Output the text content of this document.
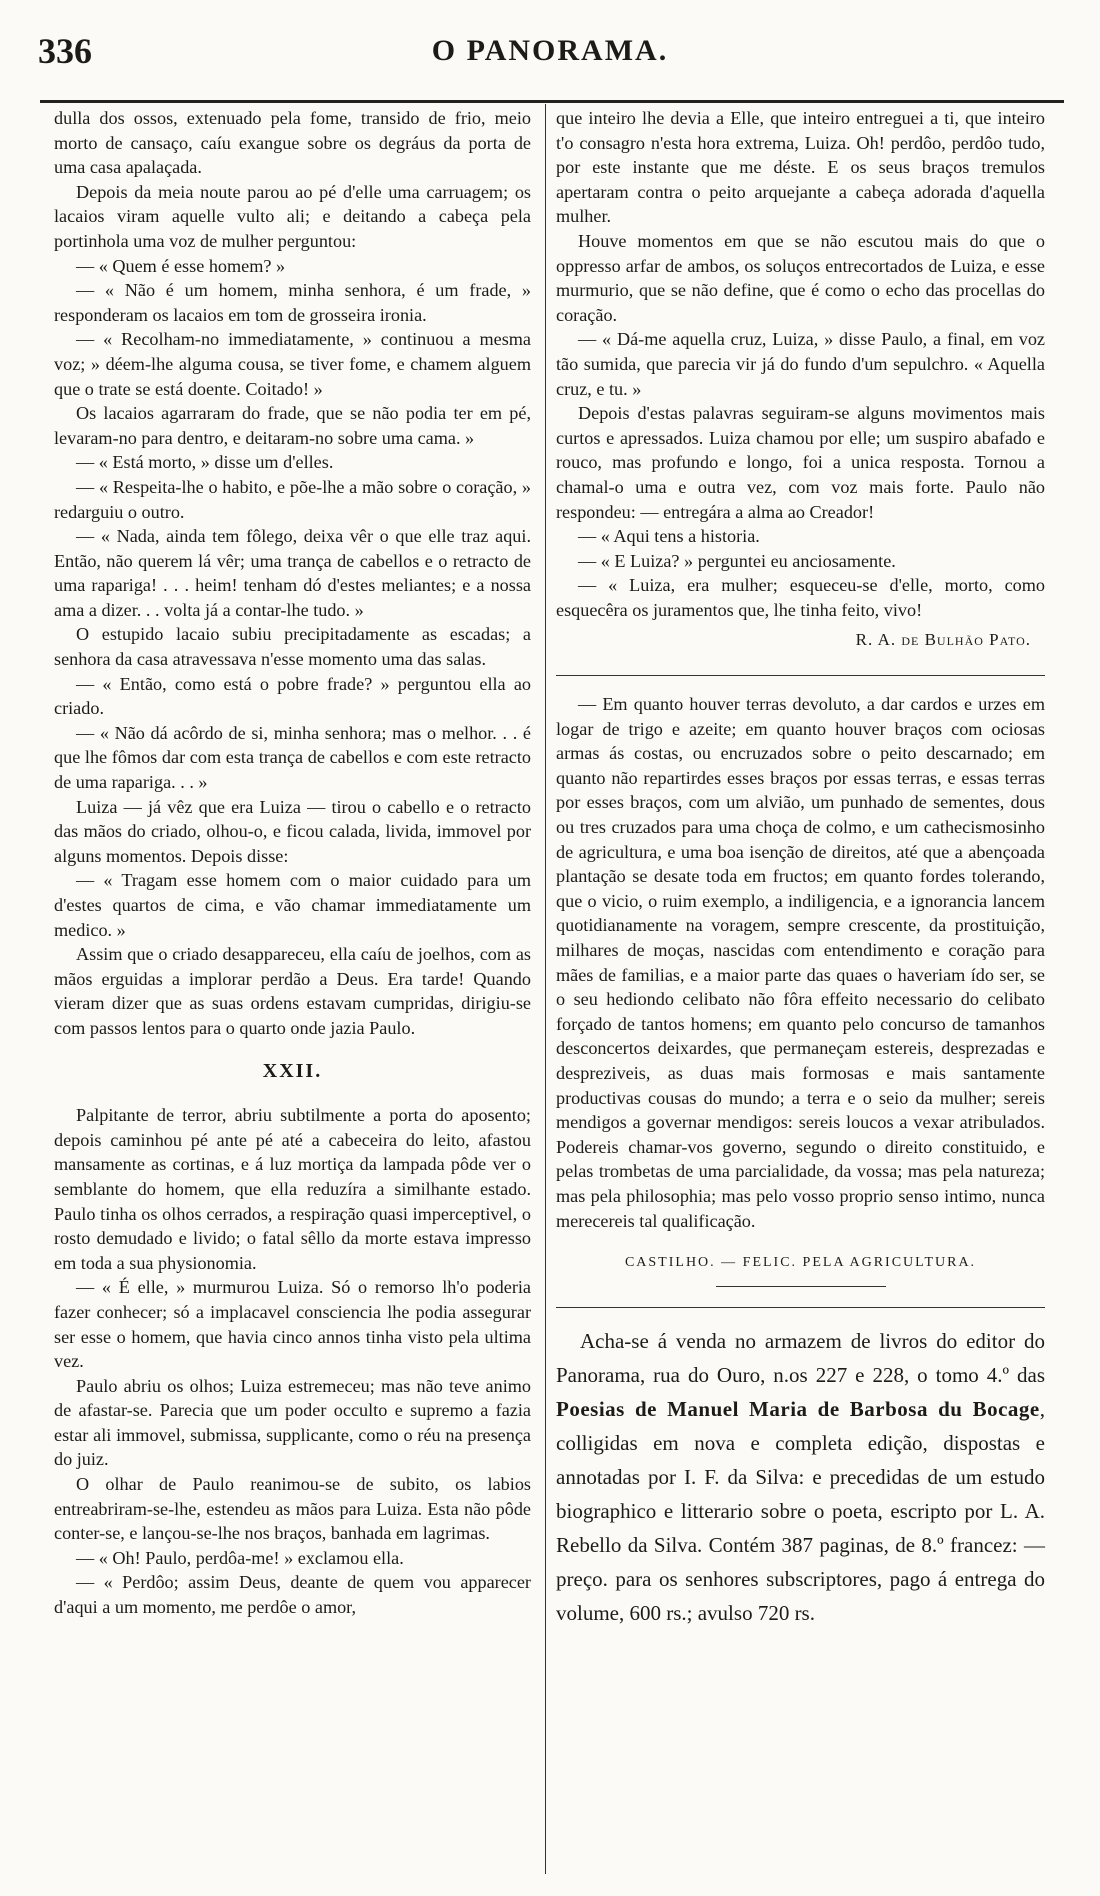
336	O PANORAMA.

dulla dos ossos, extenuado pela fome, transido de frio, meio morto de cansaço, caíu exangue sobre os degráus da porta de uma casa apalaçada.

Depois da meia noute parou ao pé d'elle uma carruagem; os lacaios viram aquelle vulto ali; e deitando a cabeça pela portinhola uma voz de mulher perguntou:

— « Quem é esse homem? »

— « Não é um homem, minha senhora, é um frade, » responderam os lacaios em tom de grosseira ironia.

— « Recolham-no immediatamente, » continuou a mesma voz; » déem-lhe alguma cousa, se tiver fome, e chamem alguem que o trate se está doente. Coitado! »

Os lacaios agarraram do frade, que se não podia ter em pé, levaram-no para dentro, e deitaram-no sobre uma cama. »

— « Está morto, » disse um d'elles.

— « Respeita-lhe o habito, e põe-lhe a mão sobre o coração, » redarguiu o outro.

— « Nada, ainda tem fôlego, deixa vêr o que elle traz aqui. Então, não querem lá vêr; uma trança de cabellos e o retracto de uma rapariga! . . . heim! tenham dó d'estes meliantes; e a nossa ama a dizer. . . volta já a contar-lhe tudo. »

O estupido lacaio subiu precipitadamente as escadas; a senhora da casa atravessava n'esse momento uma das salas.

— « Então, como está o pobre frade? » perguntou ella ao criado.

— « Não dá acôrdo de si, minha senhora; mas o melhor. . . é que lhe fômos dar com esta trança de cabellos e com este retracto de uma rapariga. . . »

Luiza — já vêz que era Luiza — tirou o cabello e o retracto das mãos do criado, olhou-o, e ficou calada, livida, immovel por alguns momentos. Depois disse:

— « Tragam esse homem com o maior cuidado para um d'estes quartos de cima, e vão chamar immediatamente um medico. »

Assim que o criado desappareceu, ella caíu de joelhos, com as mãos erguidas a implorar perdão a Deus. Era tarde! Quando vieram dizer que as suas ordens estavam cumpridas, dirigiu-se com passos lentos para o quarto onde jazia Paulo.

XXII.

Palpitante de terror, abriu subtilmente a porta do aposento; depois caminhou pé ante pé até a cabeceira do leito, afastou mansamente as cortinas, e á luz mortiça da lampada pôde ver o semblante do homem, que ella reduzíra a similhante estado. Paulo tinha os olhos cerrados, a respiração quasi imperceptivel, o rosto demudado e livido; o fatal sêllo da morte estava impresso em toda a sua physionomia.

— « É elle, » murmurou Luiza. Só o remorso lh'o poderia fazer conhecer; só a implacavel consciencia lhe podia assegurar ser esse o homem, que havia cinco annos tinha visto pela ultima vez.

Paulo abriu os olhos; Luiza estremeceu; mas não teve animo de afastar-se. Parecia que um poder occulto e supremo a fazia estar ali immovel, submissa, supplicante, como o réu na presença do juiz.

O olhar de Paulo reanimou-se de subito, os labios entreabriram-se-lhe, estendeu as mãos para Luiza. Esta não pôde conter-se, e lançou-se-lhe nos braços, banhada em lagrimas.

— « Oh! Paulo, perdôa-me! » exclamou ella.

— « Perdôo; assim Deus, deante de quem vou apparecer d'aqui a um momento, me perdôe o amor,

que inteiro lhe devia a Elle, que inteiro entreguei a ti, que inteiro t'o consagro n'esta hora extrema, Luiza. Oh! perdôo, perdôo tudo, por este instante que me déste. E os seus braços tremulos apertaram contra o peito arquejante a cabeça adorada d'aquella mulher.

Houve momentos em que se não escutou mais do que o oppresso arfar de ambos, os soluços entrecortados de Luiza, e esse murmurio, que se não define, que é como o echo das procellas do coração.

— « Dá-me aquella cruz, Luiza, » disse Paulo, a final, em voz tão sumida, que parecia vir já do fundo d'um sepulchro. « Aquella cruz, e tu. »

Depois d'estas palavras seguiram-se alguns movimentos mais curtos e apressados. Luiza chamou por elle; um suspiro abafado e rouco, mas profundo e longo, foi a unica resposta. Tornou a chamal-o uma e outra vez, com voz mais forte. Paulo não respondeu: — entregára a alma ao Creador!

— « Aqui tens a historia.

— « E Luiza? » perguntei eu anciosamente.

— « Luiza, era mulher; esqueceu-se d'elle, morto, como esquecêra os juramentos que, lhe tinha feito, vivo!

R. A. de Bulhão Pato.

— Em quanto houver terras devoluto, a dar cardos e urzes em logar de trigo e azeite; em quanto houver braços com ociosas armas ás costas, ou encruzados sobre o peito descarnado; em quanto não repartirdes esses braços por essas terras, e essas terras por esses braços, com um alvião, um punhado de sementes, dous ou tres cruzados para uma choça de colmo, e um cathecismosinho de agricultura, e uma boa isenção de direitos, até que a abençoada plantação se desate toda em fructos; em quanto fordes tolerando, que o vicio, o ruim exemplo, a indiligencia, e a ignorancia lancem quotidianamente na voragem, sempre crescente, da prostituição, milhares de moças, nascidas com entendimento e coração para mães de familias, e a maior parte das quaes o haveriam ído ser, se o seu hediondo celibato não fôra effeito necessario do celibato forçado de tantos homens; em quanto pelo concurso de tamanhos desconcertos deixardes, que permaneçam estereis, desprezadas e despreziveis, as duas mais formosas e mais santamente productivas cousas do mundo; a terra e o seio da mulher; sereis mendigos a governar mendigos: sereis loucos a vexar atribulados. Podereis chamar-vos governo, segundo o direito constituido, e pelas trombetas de uma parcialidade, da vossa; mas pela natureza; mas pela philosophia; mas pelo vosso proprio senso intimo, nunca merecereis tal qualificação.

CASTILHO. — FELIC. PELA AGRICULTURA.

Acha-se á venda no armazem de livros do editor do Panorama, rua do Ouro, n.os 227 e 228, o tomo 4.º das Poesias de Manuel Maria de Barbosa du Bocage, colligidas em nova e completa edição, dispostas e annotadas por I. F. da Silva: e precedidas de um estudo biographico e litterario sobre o poeta, escripto por L. A. Rebello da Silva. Contém 387 paginas, de 8.º francez: — preço. para os senhores subscriptores, pago á entrega do volume, 600 rs.; avulso 720 rs.
